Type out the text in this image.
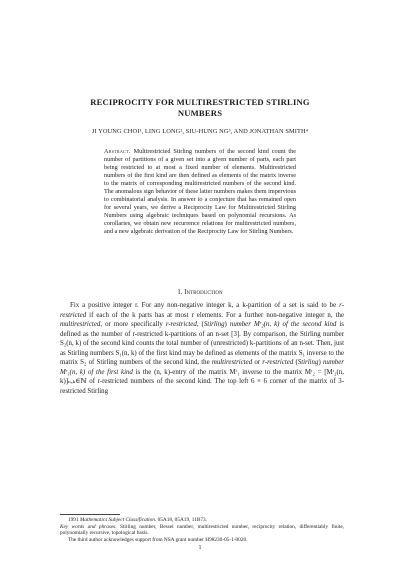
RECIPROCITY FOR MULTIRESTRICTED STIRLING
NUMBERS
JI YOUNG CHOI¹, LING LONG², SIU-HUNG NG³, AND JONATHAN SMITH⁴
Abstract. Multirestricted Stirling numbers of the second kind count the number of partitions of a given set into a given number of parts, each part being restricted to at most a fixed number of elements. Multirestricted numbers of the first kind are then defined as elements of the matrix inverse to the matrix of corresponding multirestricted numbers of the second kind. The anomalous sign behavior of these latter numbers makes them impervious to combinatorial analysis. In answer to a conjecture that has remained open for several years, we derive a Reciprocity Law for Multirestricted Stirling Numbers using algebraic techniques based on polynomial recursions. As corollaries, we obtain new recurrence relations for multirestricted numbers, and a new algebraic derivation of the Reciprocity Law for Stirling Numbers.
1. Introduction
Fix a positive integer r. For any non-negative integer k, a k-partition of a set is said to be r-restricted if each of the k parts has at most r elements. For a further non-negative integer n, the multirestricted, or more specifically r-restricted, (Stirling) number Mʳ₂(n, k) of the second kind is defined as the number of r-restricted k-partitions of an n-set [3]. By comparison, the Stirling number S₂(n, k) of the second kind counts the total number of (unrestricted) k-partitions of an n-set. Then, just as Stirling numbers S₁(n, k) of the first kind may be defined as elements of the matrix S₁ inverse to the matrix S₂ of Stirling numbers of the second kind, the multirestricted or r-restricted (Stirling) number Mʳ₁(n, k) of the first kind is the (n, k)-entry of the matrix Mʳ₁ inverse to the matrix Mʳ₂ = [Mʳ₂(n, k)]ₙ,ₖ∈ℕ of r-restricted numbers of the second kind. The top left 6 × 6 corner of the matrix of 3-restricted Stirling

1991 Mathematics Subject Classification. 05A18, 05A19, 11B73.

Key words and phrases. Stirling number, Bessel number, multirestricted number, reciprocity relation, differentiably finite, polynomially recursive, topological basis.

The third author acknowledges support from NSA grant number H98230-05-1-0020.

1
